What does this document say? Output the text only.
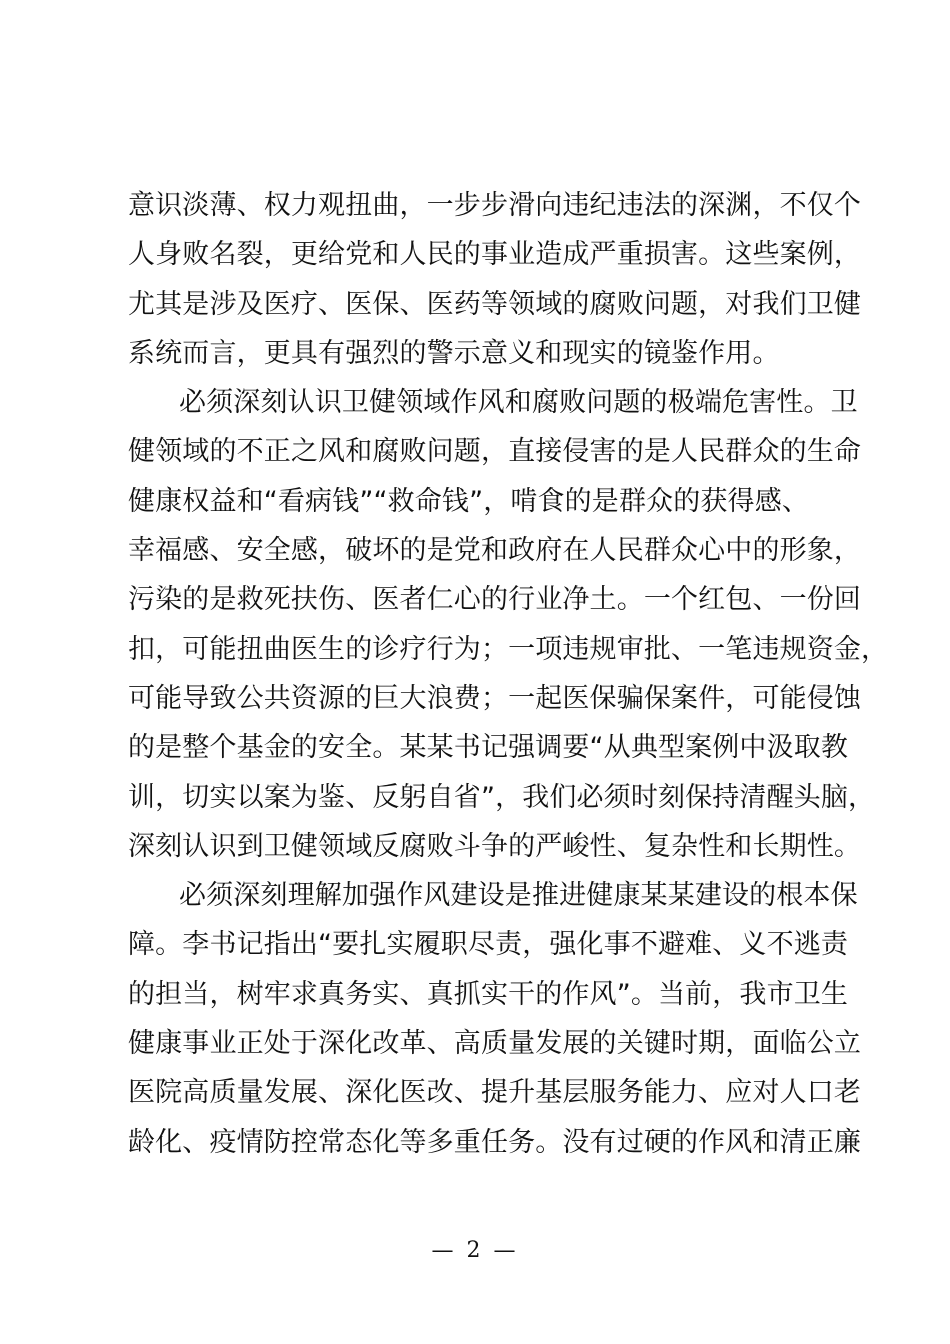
意识淡薄、权力观扭曲，一步步滑向违纪违法的深渊，不仅个
人身败名裂，更给党和人民的事业造成严重损害。这些案例，
尤其是涉及医疗、医保、医药等领域的腐败问题，对我们卫健
系统而言，更具有强烈的警示意义和现实的镜鉴作用。
必须深刻认识卫健领域作风和腐败问题的极端危害性。卫
健领域的不正之风和腐败问题，直接侵害的是人民群众的生命
健康权益和“看病钱”“救命钱”，啃食的是群众的获得感、
幸福感、安全感，破坏的是党和政府在人民群众心中的形象，
污染的是救死扶伤、医者仁心的行业净土。一个红包、一份回
扣，可能扭曲医生的诊疗行为；一项违规审批、一笔违规资金，
可能导致公共资源的巨大浪费；一起医保骗保案件，可能侵蚀
的是整个基金的安全。某某书记强调要“从典型案例中汲取教
训，切实以案为鉴、反躬自省”，我们必须时刻保持清醒头脑，
深刻认识到卫健领域反腐败斗争的严峻性、复杂性和长期性。
必须深刻理解加强作风建设是推进健康某某建设的根本保
障。李书记指出“要扎实履职尽责，强化事不避难、义不逃责
的担当，树牢求真务实、真抓实干的作风”。当前，我市卫生
健康事业正处于深化改革、高质量发展的关键时期，面临公立
医院高质量发展、深化医改、提升基层服务能力、应对人口老
龄化、疫情防控常态化等多重任务。没有过硬的作风和清正廉
— 2 —
